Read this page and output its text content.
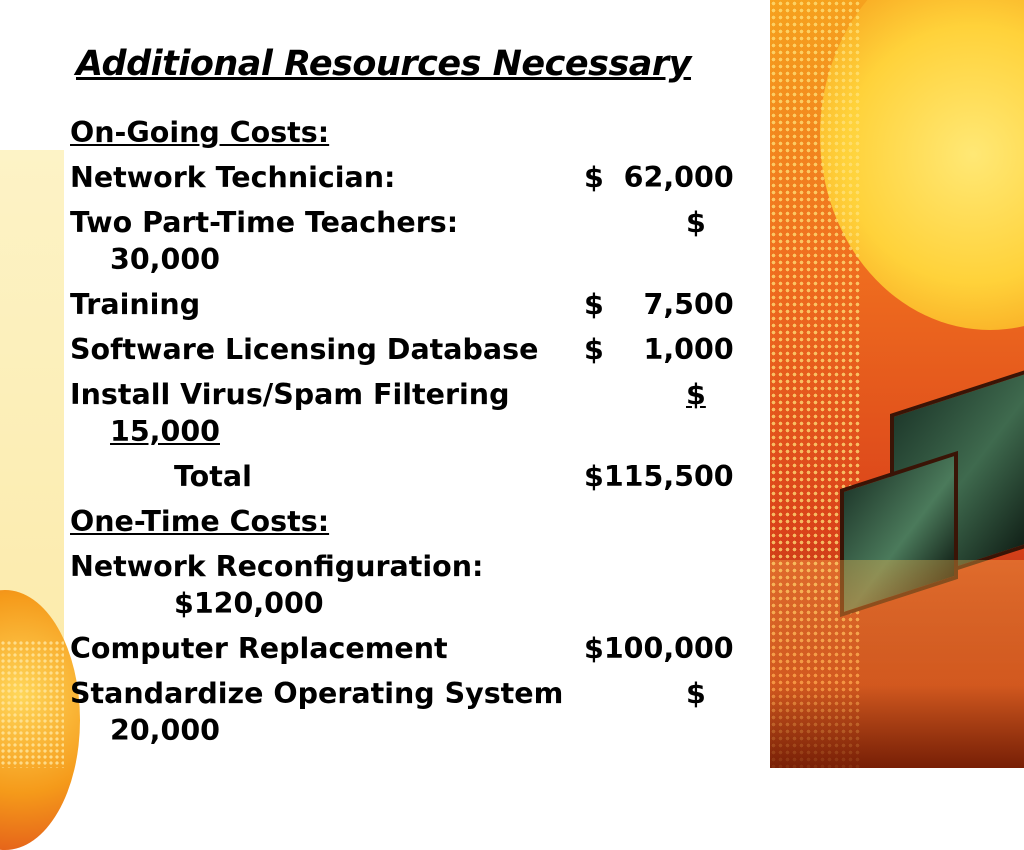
Additional Resources Necessary
On-Going Costs:
Network Technician:	$  62,000
Two Part-Time Teachers:	$
30,000
Training	$    7,500
Software Licensing Database $    1,000
Install Virus/Spam Filtering	$
15,000
Total	$115,500
One-Time Costs:
Network Reconfiguration:
$120,000
Computer Replacement	$100,000
Standardize Operating System	$
20,000
